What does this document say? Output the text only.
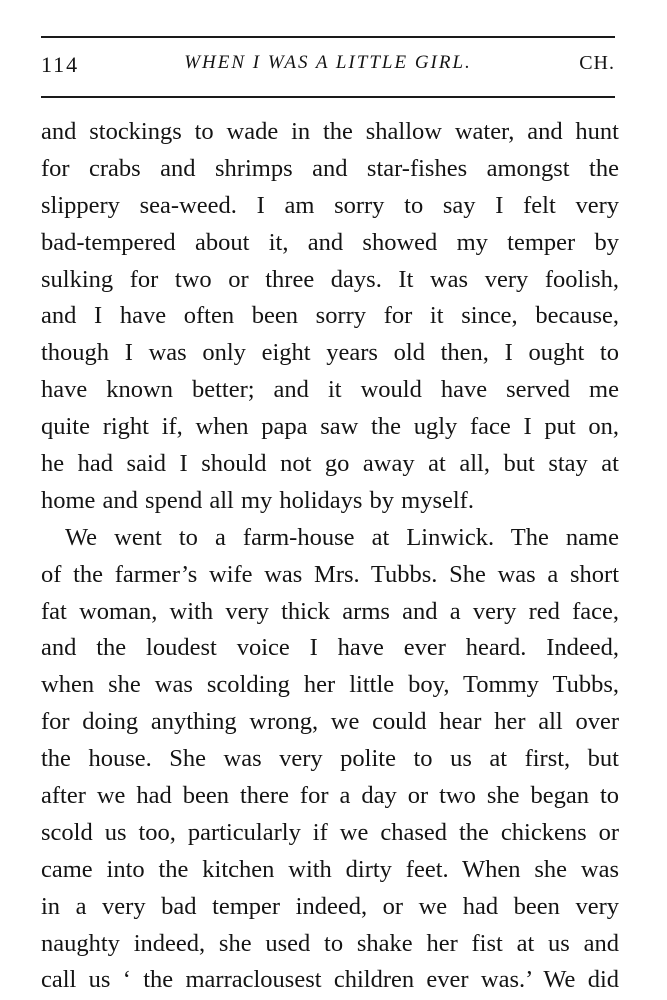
114	WHEN I WAS A LITTLE GIRL.	CH.
and stockings to wade in the shallow water, and hunt
for crabs and shrimps and star-fishes amongst the
slippery sea-weed. I am sorry to say I felt very
bad-tempered about it, and showed my temper by
sulking for two or three days. It was very foolish,
and I have often been sorry for it since, because,
though I was only eight years old then, I ought to
have known better; and it would have served me
quite right if, when papa saw the ugly face I put on,
he had said I should not go away at all, but stay at
home and spend all my holidays by myself.
We went to a farm-house at Linwick. The name
of the farmer’s wife was Mrs. Tubbs. She was a short
fat woman, with very thick arms and a very red face,
and the loudest voice I have ever heard. Indeed,
when she was scolding her little boy, Tommy Tubbs,
for doing anything wrong, we could hear her all over
the house. She was very polite to us at first, but
after we had been there for a day or two she began to
scold us too, particularly if we chased the chickens or
came into the kitchen with dirty feet. When she was
in a very bad temper indeed, or we had been very
naughty indeed, she used to shake her fist at us and
call us ‘ the marraclousest children ever was.’ We did
